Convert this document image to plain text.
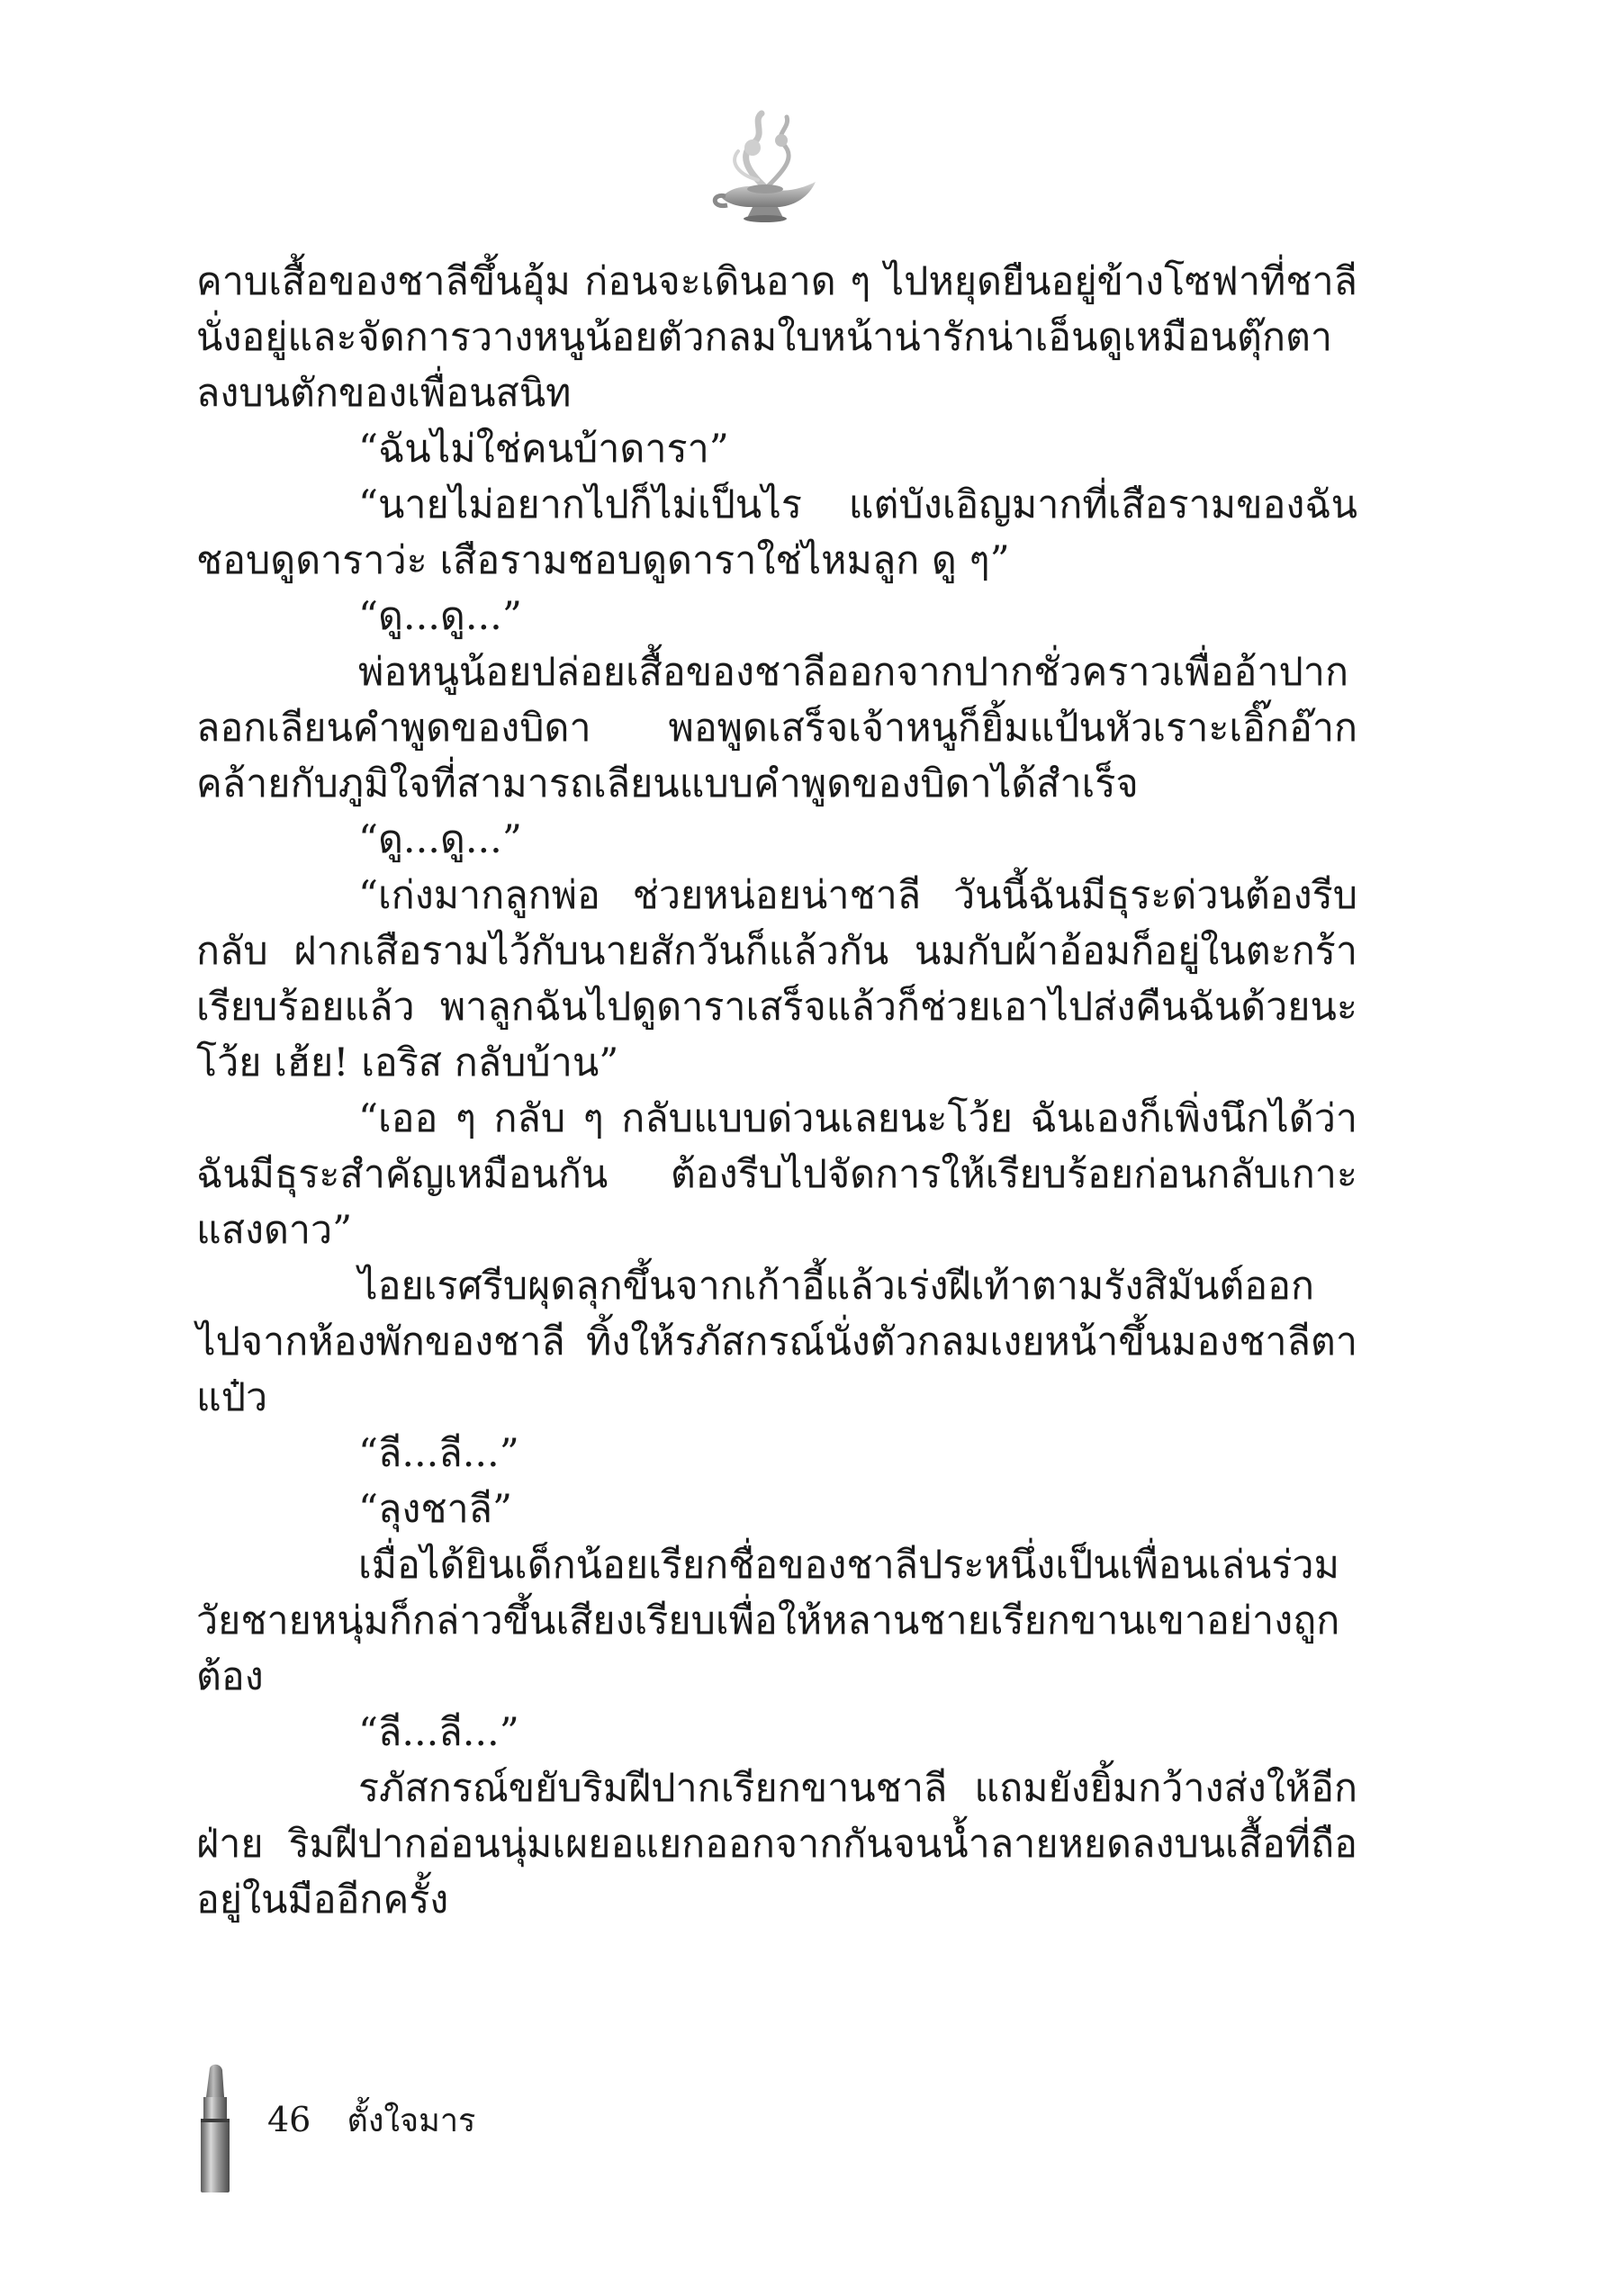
คาบเสื้อของชาลีขึ้นอุ้ม ก่อนจะเดินอาด ๆ ไปหยุดยืนอยู่ข้างโซฟาที่ชาลีนั่งอยู่และจัดการวางหนูน้อยตัวกลมใบหน้าน่ารักน่าเอ็นดูเหมือนตุ๊กตาลงบนตักของเพื่อนสนิท

“ฉันไม่ใช่คนบ้าดารา”

“นายไม่อยากไปก็ไม่เป็นไร แต่บังเอิญมากที่เสือรามของฉันชอบดูดาราว่ะ เสือรามชอบดูดาราใช่ไหมลูก ดู ๆ”

“ดู...ดู...”

พ่อหนูน้อยปล่อยเสื้อของชาลีออกจากปากชั่วคราวเพื่ออ้าปากลอกเลียนคำพูดของบิดา พอพูดเสร็จเจ้าหนูก็ยิ้มแป้นหัวเราะเอิ๊กอ๊ากคล้ายกับภูมิใจที่สามารถเลียนแบบคำพูดของบิดาได้สำเร็จ

“ดู...ดู...”

“เก่งมากลูกพ่อ ช่วยหน่อยน่าชาลี วันนี้ฉันมีธุระด่วนต้องรีบกลับ ฝากเสือรามไว้กับนายสักวันก็แล้วกัน นมกับผ้าอ้อมก็อยู่ในตะกร้าเรียบร้อยแล้ว พาลูกฉันไปดูดาราเสร็จแล้วก็ช่วยเอาไปส่งคืนฉันด้วยนะโว้ย เฮ้ย! เอริส กลับบ้าน”

“เออ ๆ กลับ ๆ กลับแบบด่วนเลยนะโว้ย ฉันเองก็เพิ่งนึกได้ว่าฉันมีธุระสำคัญเหมือนกัน ต้องรีบไปจัดการให้เรียบร้อยก่อนกลับเกาะแสงดาว”

ไอยเรศรีบผุดลุกขึ้นจากเก้าอี้แล้วเร่งฝีเท้าตามรังสิมันต์ออกไปจากห้องพักของชาลี ทิ้งให้รภัสกรณ์นั่งตัวกลมเงยหน้าขึ้นมองชาลีตาแป๋ว

“ลี...ลี...”

“ลุงชาลี”

เมื่อได้ยินเด็กน้อยเรียกชื่อของชาลีประหนึ่งเป็นเพื่อนเล่นร่วมวัยชายหนุ่มก็กล่าวขึ้นเสียงเรียบเพื่อให้หลานชายเรียกขานเขาอย่างถูกต้อง

“ลี...ลี...”

รภัสกรณ์ขยับริมฝีปากเรียกขานชาลี แถมยังยิ้มกว้างส่งให้อีกฝ่าย ริมฝีปากอ่อนนุ่มเผยอแยกออกจากกันจนน้ำลายหยดลงบนเสื้อที่ถืออยู่ในมืออีกครั้ง

46 ตั้งใจมาร
